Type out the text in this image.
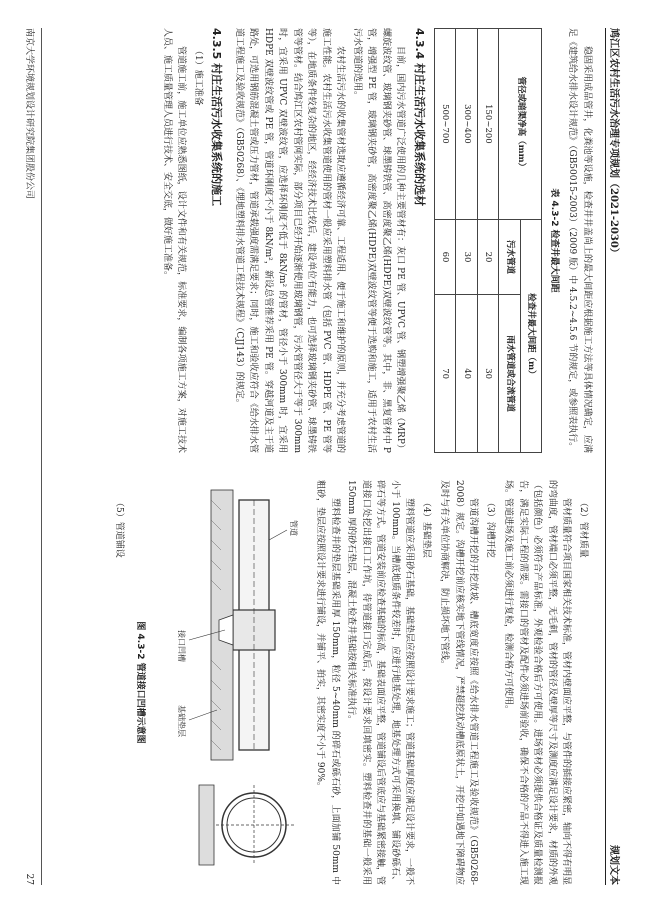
鸠江区农村生活污水治理专项规划（2021-2030）
规划文本

稳固采用成品管井，化粪池等设施，检查井井盖尚上的最大间距应根据施工方法等具体情况确定，应满足《建筑给水排水设计规范》（GB50015-2003）（2009 版）中 4.5.2~4.5.6 节的规定，或参照表执行。

表 4.3-2 检查井最大间距
管径或暗渠净高（mm）	检查井最大间距（m）	
	污水管道	雨水管道或合流管道
150~200	20	30
300~400	30	40
500~700	60	70
4.3.4 村庄生活污水收集系统的选材

目前，国内污水管道广泛使用的几种主要管材有：灰口 PE 管、UPVC 管、钢塑增强聚乙烯（MRP）螺旋波纹管、玻璃钢夹砂管、球墨铸铁管、高密度聚乙烯(HDPE)双壁波纹管等。其中，非、黑复管材中 P 管，增强型 PE 管，玻璃钢夹砂管，高密度聚乙烯(HDPE)双壁波纹管等便于选购和施工，适用于农村生活污水管道的选用。

农村生活污水的收集管材选取应遵循经济可靠、工程适用、便于施工和维护的原则，并充分考虑管道的施工性能。农村生活污水收集管道使用的管材一般应采用塑料排水管（包括 PVC 管、HDPE 管、PE 管等等），在地质条件较复杂的地区，经经济技术比较后，建设单位有能力，也可选择玻璃钢夹砂管、球墨铸铁管等管材。结合鸠江区农村管网实际，部分项目已经开始逐渐使用玻璃钢管，污水管管径大于等于 300mm 时，宜采用 UPVC 双壁波纹管，应选择环刚度不低于 8kN/m² 的管材，管径小于 300mm 时，宜采用 HDPE 双壁波纹管或 PE 管，管道环刚度不小于 8kN/m²，新设总管推荐采用 PE 管。穿越河道及主干道路处，可选用钢筋混凝土管或压力管材，管道承载强度需满足要求；同时，施工和验收应符合《给水排水管道工程施工及验收规范》（GB50268）、《埋地塑料排水管道工程技术规程》（CJJ143）的规定。

4.3.5 村庄生活污水收集系统的施工
（1）施工准备

管道施工前，施工单位应熟悉图纸，设计文件和有关规范，标准要求，编制各项施工方案，对施工技术人员、施工质量管理人员进行技术、安全交底，做好施工准备。

（2）管材质量

管材质量符合项目国家相关技术标准，管材内壁面应平整，与管件的插接应紧密，轴向不得有明显的弯曲度，管材端口必须平整，无毛刺，管材的管径及壁厚等尺寸及测度应满足设计要求，材质的外观（包括颜色）必须符合产品标准，外观检验合格后方可使用。进场管材必须提供合格证及质量检测报告，满足实际工程的需要。需接口的管材及配件必须进场前验收，确保不合格的产品不得进入施工现场。管道进场及施工前必须进行复检，检测合格方可使用。

（3）沟槽开挖

管道沟槽开挖的开挖放坡、槽底宽度应按照《给水排水管道工程施工及验收规范》（GB50268-2008）规定。沟槽开挖前应核实地下管线情况，严禁超挖扰动槽底原状土，开挖中如遇地下障碍物应及时与有关单位协商解决，防止损坏地下管线。

（4）基础垫层

塑料管道应采用砂石基础，基础垫层应按照设计要求施工；管道基础厚度应满足设计要求，一般不小于 100mm。当槽底地质条件较差时，应进行地基处理，地基处理方式可采用换填、铺设砂砾石、碎石等方式。管道安装前应检查基础的标高，基础表面应平整，管道铺设后管底应与基础紧密接触，管道接口处挖出接口工作坑，待管道接口完成后，按设计要求回填密实。塑料检查井的基础一般采用 150mm 厚的砂石垫层，混凝土检查井基础按相关标准执行。

塑料检查井的垫层基础采用厚 150mm，粒径 5~40mm 的碎石或砾石砂，上面加铺 50mm 中粗砂，垫层应按照设计要求进行铺设，并铺平、拍实，其密实度不小于 90%。

管道
接口凹槽
基础垫层
图 4.3-2 管道接口凹槽示意图
（5）管道铺设
南京大学环境规划设计研究院集团股份公司
27
